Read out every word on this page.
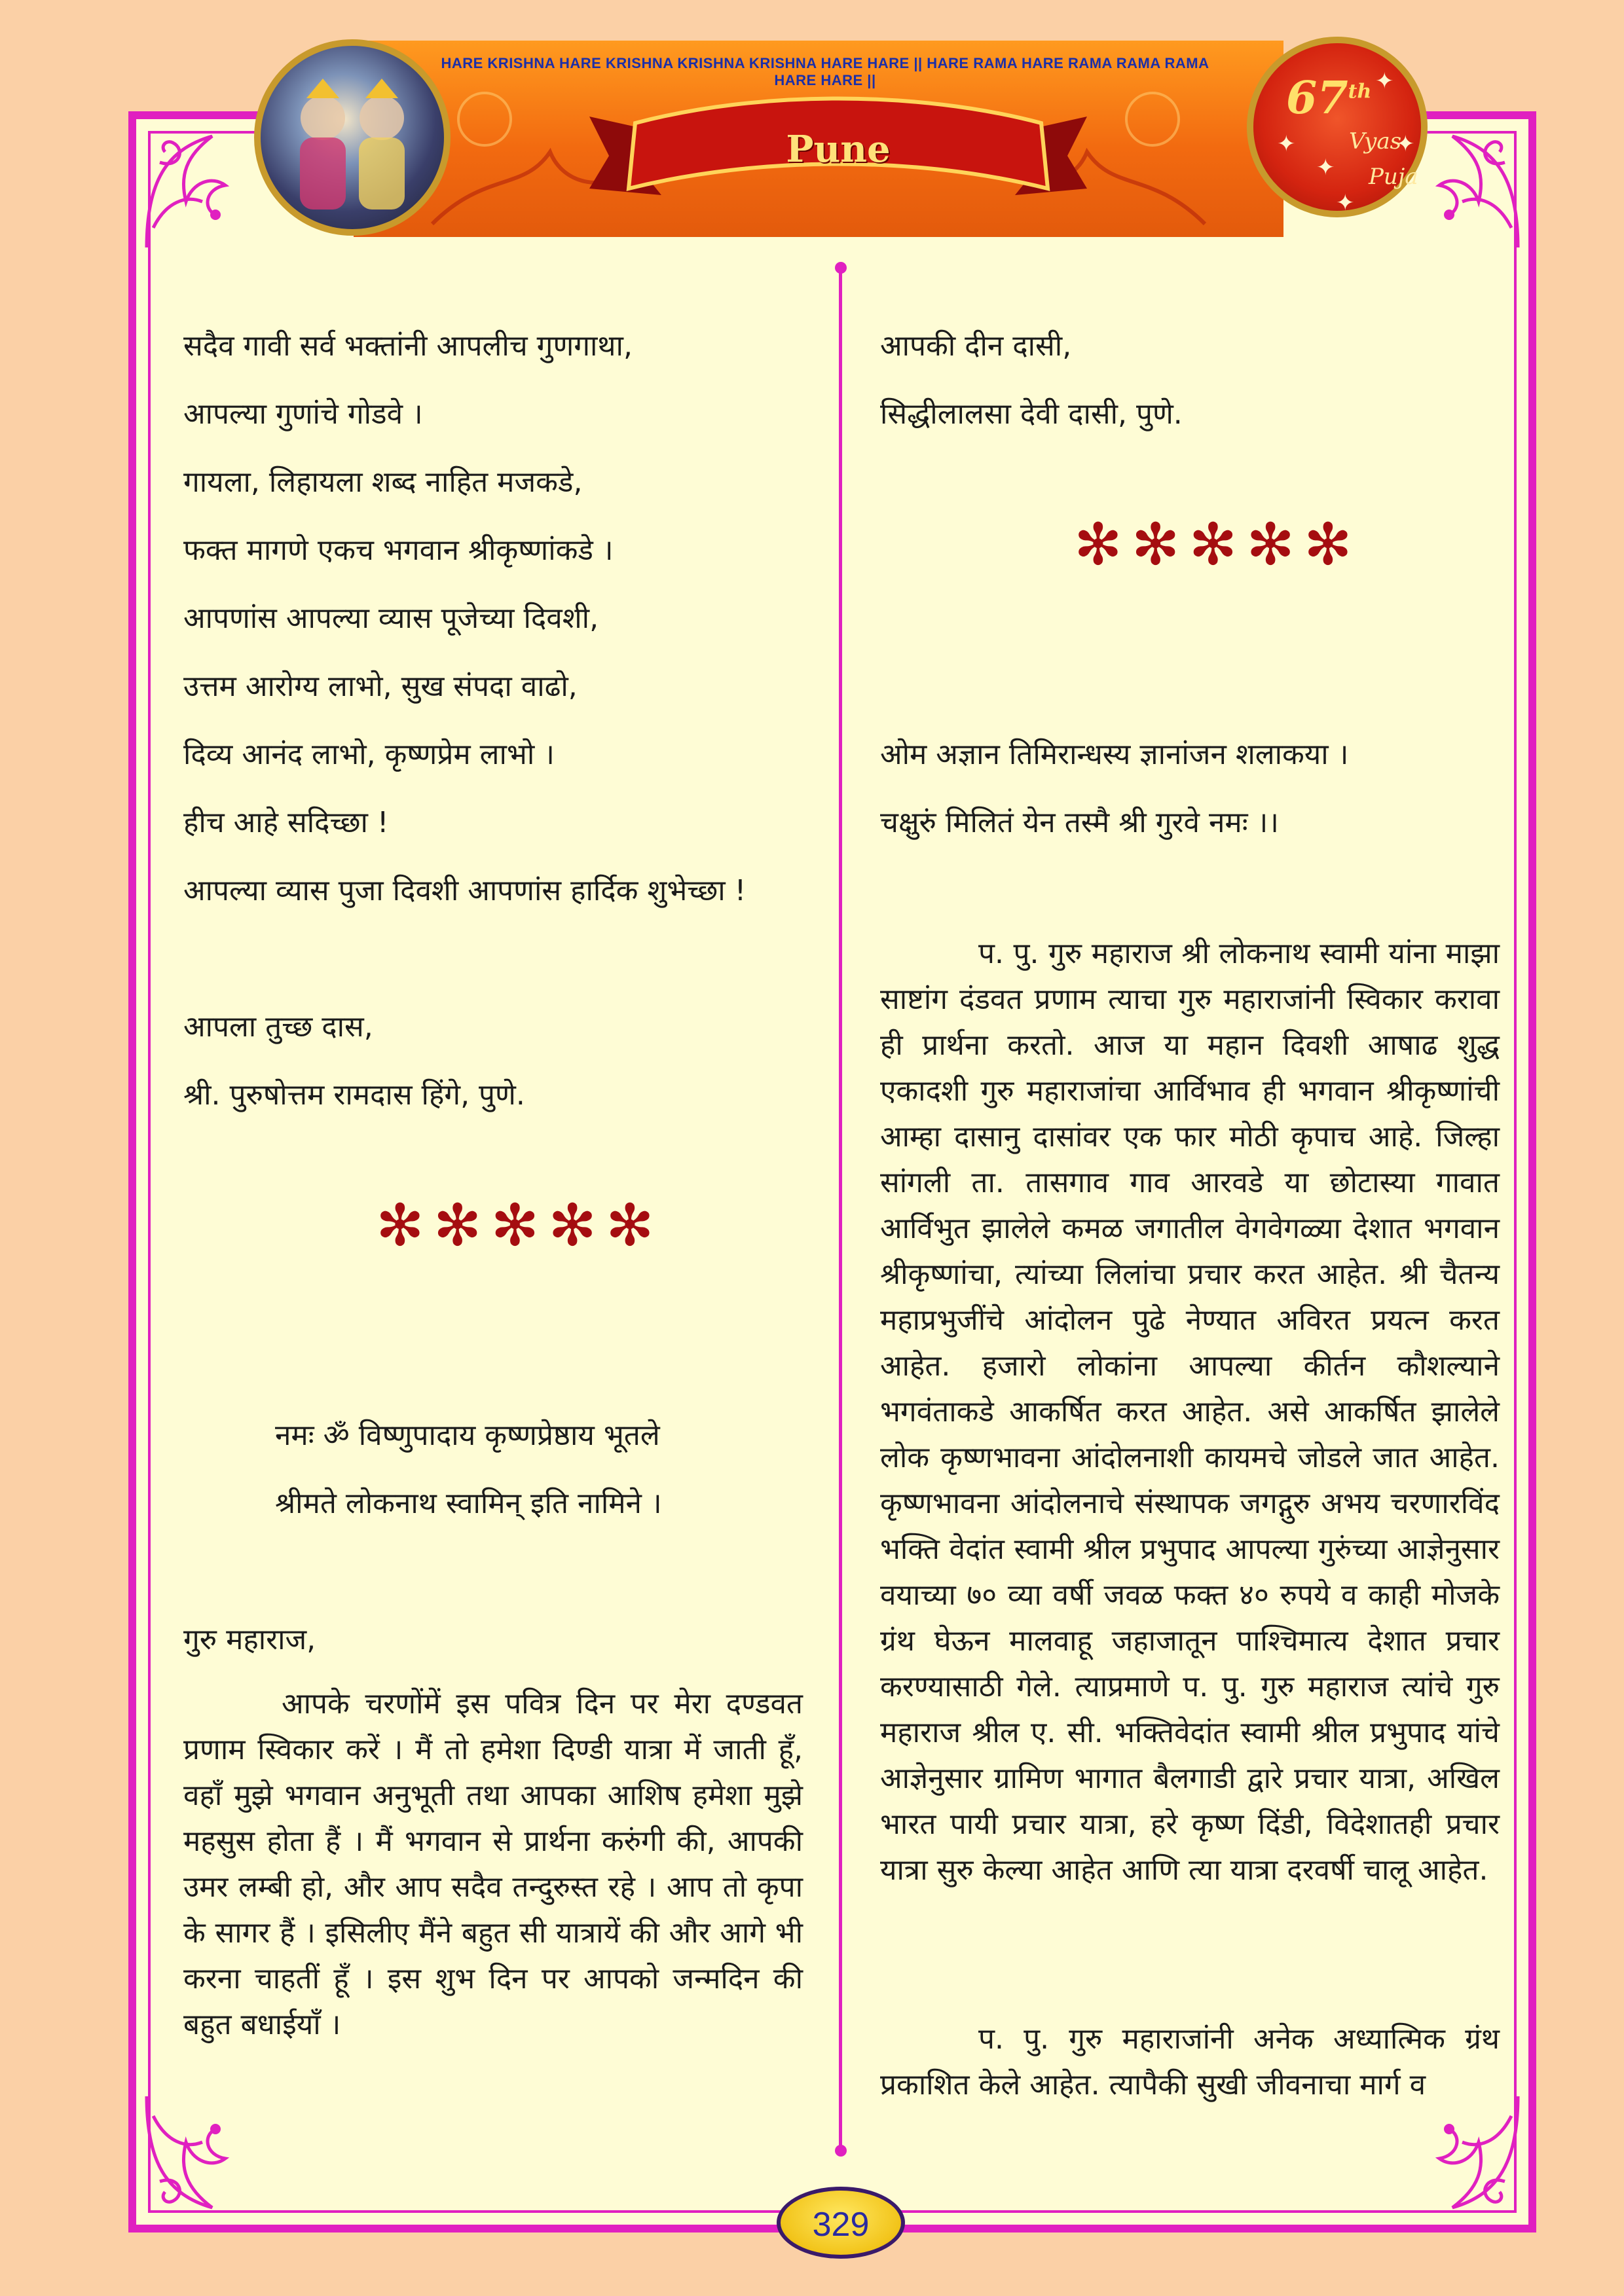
HARE KRISHNA HARE KRISHNA KRISHNA KRISHNA HARE HARE || HARE RAMA HARE RAMA RAMA RAMA HARE HARE ||
Pune
67th
Vyas
Puja
✦
✦
✦
✦
✦
सदैव गावी सर्व भक्तांनी आपलीच गुणगाथा,
आपल्या गुणांचे गोडवे ।
गायला, लिहायला शब्द नाहित मजकडे,
फक्त मागणे एकच भगवान श्रीकृष्णांकडे ।
आपणांस आपल्या व्यास पूजेच्या दिवशी,
उत्तम आरोग्य लाभो, सुख संपदा वाढो,
दिव्य आनंद लाभो, कृष्णप्रेम लाभो ।
हीच आहे सदिच्छा !
आपल्या व्यास पुजा दिवशी आपणांस हार्दिक शुभेच्छा !
आपला तुच्छ दास,
श्री. पुरुषोत्तम रामदास हिंगे, पुणे.
✻✻✻✻✻
नमः ॐ विष्णुपादाय कृष्णप्रेष्ठाय भूतले
श्रीमते लोकनाथ स्वामिन् इति नामिने ।
गुरु महाराज,

आपके चरणोंमें इस पवित्र दिन पर मेरा दण्डवत प्रणाम स्विकार करें । मैं तो हमेशा दिण्डी यात्रा में जाती हूँ, वहाँ मुझे भगवान अनुभूती तथा आपका आशिष हमेशा मुझे महसुस होता हैं । मैं भगवान से प्रार्थना करुंगी की, आपकी उमर लम्बी हो, और आप सदैव तन्दुरुस्त रहे । आप तो कृपा के सागर हैं । इसिलीए मैंने बहुत सी यात्रायें की और आगे भी करना चाहतीं हूँ । इस शुभ दिन पर आपको जन्मदिन की बहुत बधाईयाँ ।

आपकी दीन दासी,
सिद्धीलालसा देवी दासी, पुणे.
✻✻✻✻✻
ओम अज्ञान तिमिरान्धस्य ज्ञानांजन शलाकया ।
चक्षुरुं मिलितं येन तस्मै श्री गुरवे नमः ।।

प. पु. गुरु महाराज श्री लोकनाथ स्वामी यांना माझा साष्टांग दंडवत प्रणाम त्याचा गुरु महाराजांनी स्विकार करावा ही प्रार्थना करतो. आज या महान दिवशी आषाढ शुद्ध एकादशी गुरु महाराजांचा आर्विभाव ही भगवान श्रीकृष्णांची आम्हा दासानु दासांवर एक फार मोठी कृपाच आहे. जिल्हा सांगली ता. तासगाव गाव आरवडे या छोटास्या गावात आर्विभुत झालेले कमळ जगातील वेगवेगळ्या देशात भगवान श्रीकृष्णांचा, त्यांच्या लिलांचा प्रचार करत आहेत. श्री चैतन्य महाप्रभुजींचे आंदोलन पुढे नेण्यात अविरत प्रयत्न करत आहेत. हजारो लोकांना आपल्या कीर्तन कौशल्याने भगवंताकडे आकर्षित करत आहेत. असे आकर्षित झालेले लोक कृष्णभावना आंदोलनाशी कायमचे जोडले जात आहेत. कृष्णभावना आंदोलनाचे संस्थापक जगद्गुरु अभय चरणारविंद भक्ति वेदांत स्वामी श्रील प्रभुपाद आपल्या गुरुंच्या आज्ञेनुसार वयाच्या ७० व्या वर्षी जवळ फक्त ४० रुपये व काही मोजके ग्रंथ घेऊन मालवाहू जहाजातून पाश्चिमात्य देशात प्रचार करण्यासाठी गेले. त्याप्रमाणे प. पु. गुरु महाराज त्यांचे गुरु महाराज श्रील ए. सी. भक्तिवेदांत स्वामी श्रील प्रभुपाद यांचे आज्ञेनुसार ग्रामिण भागात बैलगाडी द्वारे प्रचार यात्रा, अखिल भारत पायी प्रचार यात्रा, हरे कृष्ण दिंडी, विदेशातही प्रचार यात्रा सुरु केल्या आहेत आणि त्या यात्रा दरवर्षी चालू आहेत.

प. पु. गुरु महाराजांनी अनेक अध्यात्मिक ग्रंथ प्रकाशित केले आहेत. त्यापैकी सुखी जीवनाचा मार्ग व

329
